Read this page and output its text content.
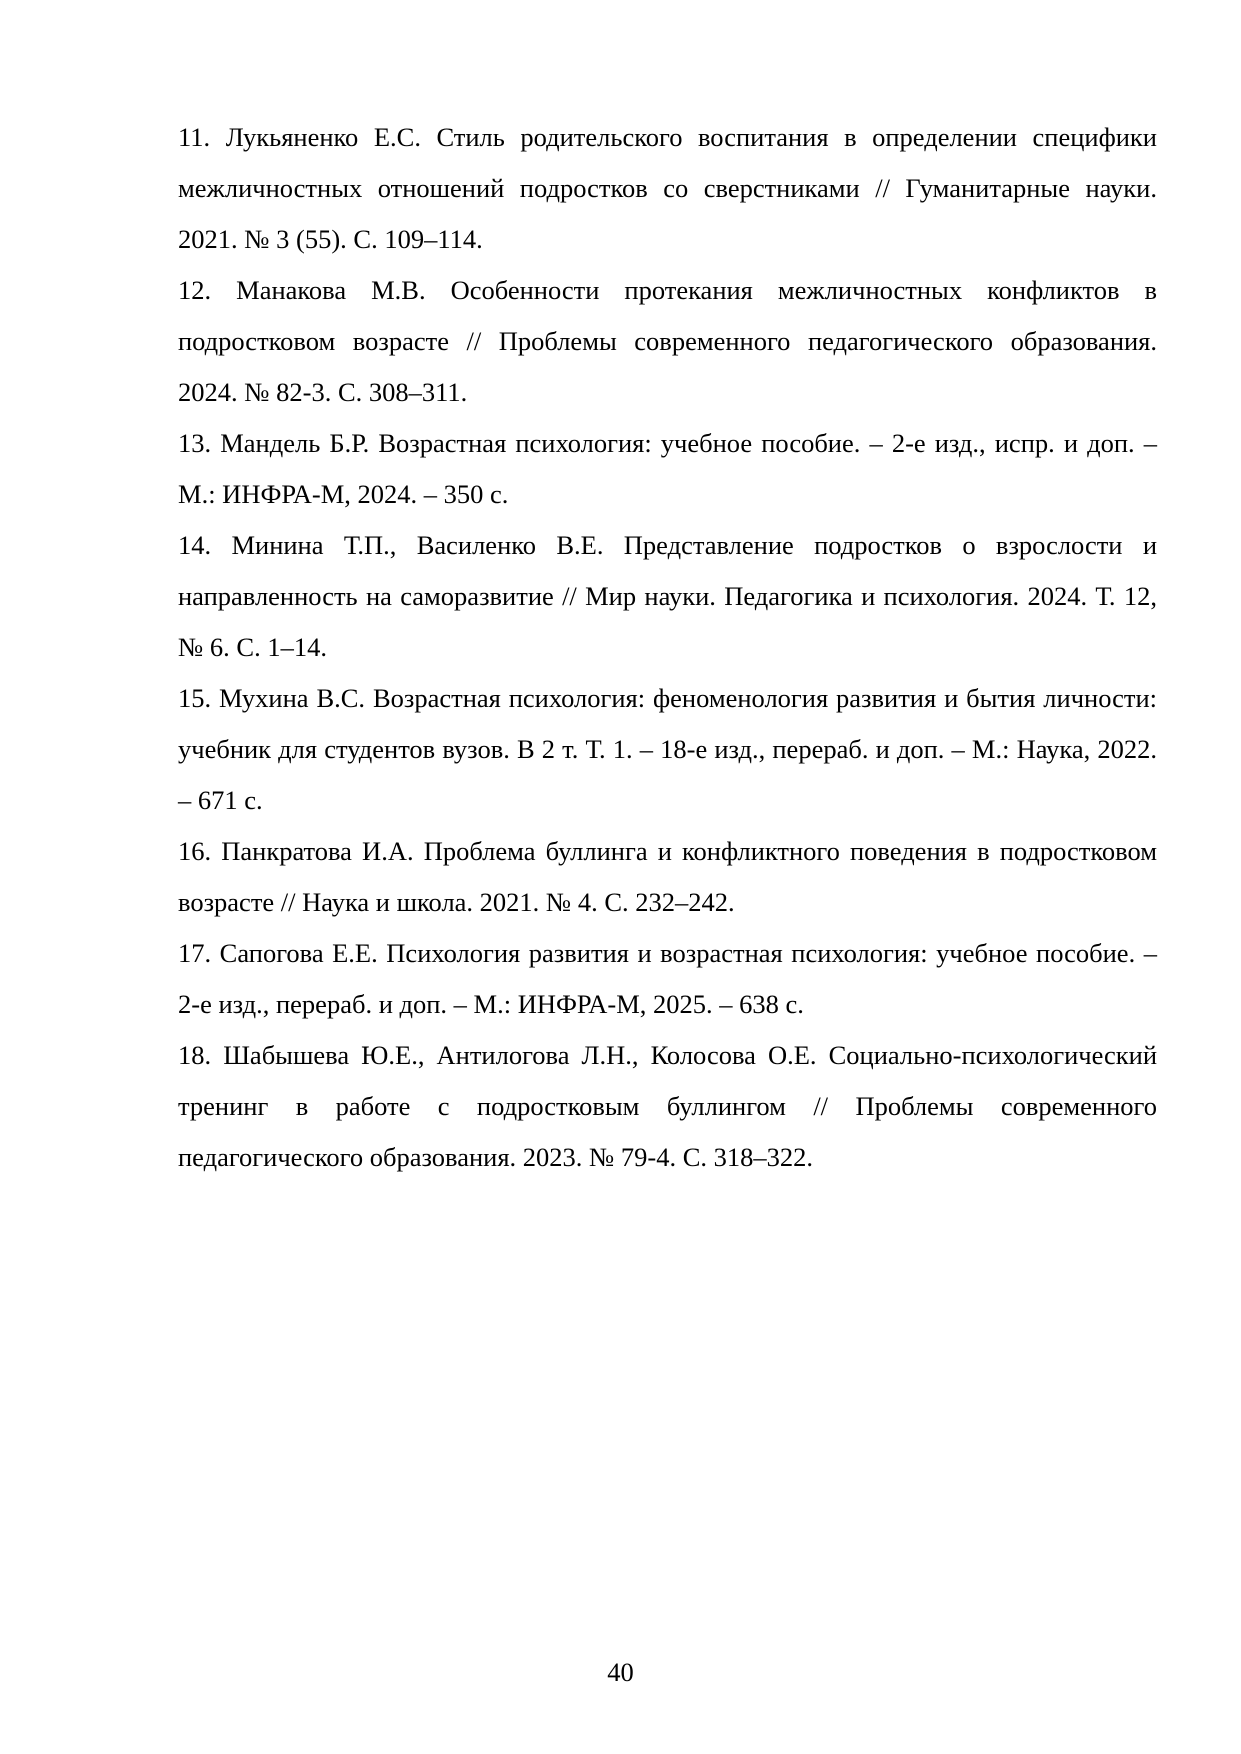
11. Лукьяненко Е.С. Стиль родительского воспитания в определении специфики межличностных отношений подростков со сверстниками // Гуманитарные науки. 2021. № 3 (55). С. 109–114.
12. Манакова М.В. Особенности протекания межличностных конфликтов в подростковом возрасте // Проблемы современного педагогического образования. 2024. № 82-3. С. 308–311.
13. Мандель Б.Р. Возрастная психология: учебное пособие. – 2-е изд., испр. и доп. – М.: ИНФРА-М, 2024. – 350 с.
14. Минина Т.П., Василенко В.Е. Представление подростков о взрослости и направленность на саморазвитие // Мир науки. Педагогика и психология. 2024. Т. 12, № 6. С. 1–14.
15. Мухина В.С. Возрастная психология: феноменология развития и бытия личности: учебник для студентов вузов. В 2 т. Т. 1. – 18-е изд., перераб. и доп. – М.: Наука, 2022. – 671 с.
16. Панкратова И.А. Проблема буллинга и конфликтного поведения в подростковом возрасте // Наука и школа. 2021. № 4. С. 232–242.
17. Сапогова Е.Е. Психология развития и возрастная психология: учебное пособие. – 2-е изд., перераб. и доп. – М.: ИНФРА-М, 2025. – 638 с.
18. Шабышева Ю.Е., Антилогова Л.Н., Колосова О.Е. Социально-психологический тренинг в работе с подростковым буллингом // Проблемы современного педагогического образования. 2023. № 79-4. С. 318–322.
40
